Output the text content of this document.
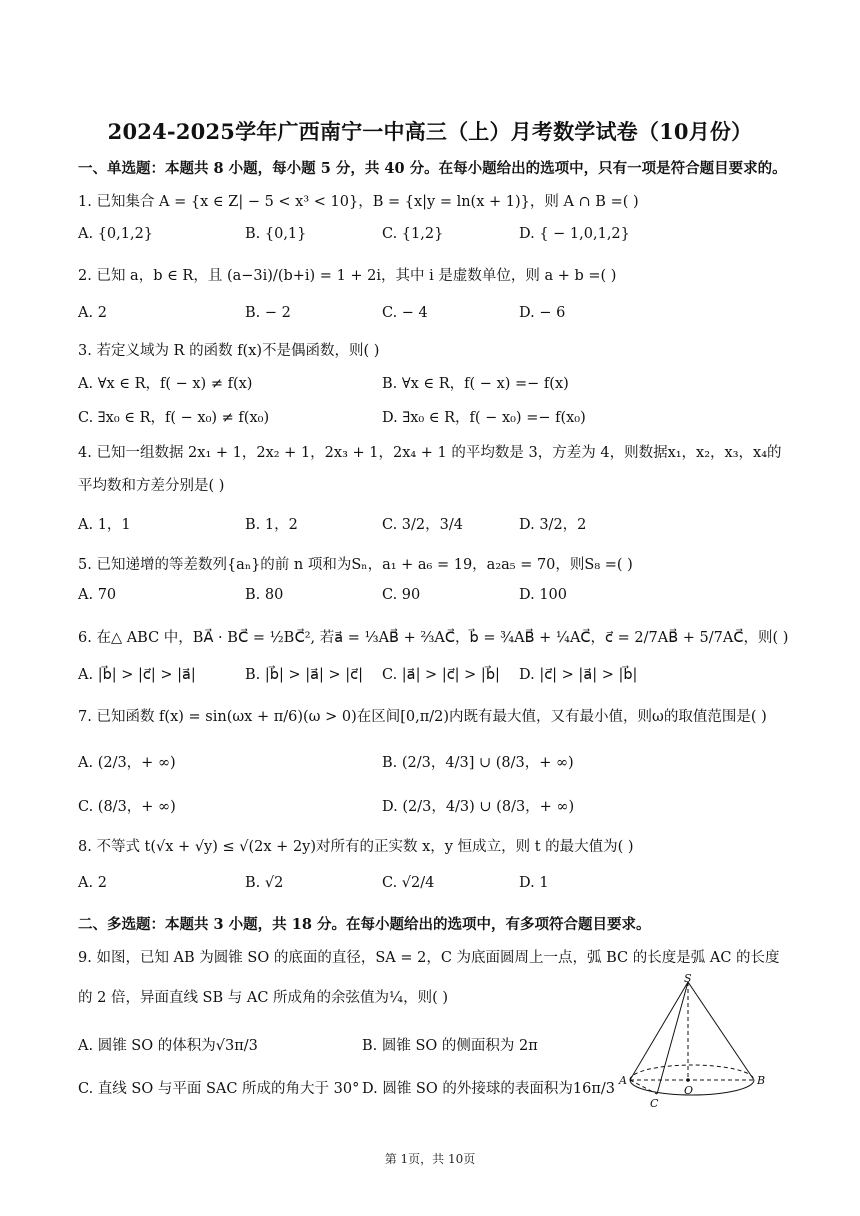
2024-2025学年广西南宁一中高三（上）月考数学试卷（10月份）
一、单选题：本题共 8 小题，每小题 5 分，共 40 分。在每小题给出的选项中，只有一项是符合题目要求的。
1. 已知集合 A = {x ∈ Z| − 5 < x³ < 10}，B = {x|y = ln(x + 1)}，则 A ∩ B =( )
A. {0,1,2}	B. {0,1}	C. {1,2}	D. { − 1,0,1,2}
2. 已知 a，b ∈ R，且 (a−3i)/(b+i) = 1 + 2i，其中 i 是虚数单位，则 a + b =( )
A. 2	B. − 2	C. − 4	D. − 6
3. 若定义域为 R 的函数 f(x)不是偶函数，则( )
A. ∀x ∈ R，f( − x) ≠ f(x)	B. ∀x ∈ R，f( − x) =− f(x)
C. ∃x₀ ∈ R，f( − x₀) ≠ f(x₀)	D. ∃x₀ ∈ R，f( − x₀) =− f(x₀)
4. 已知一组数据 2x₁ + 1，2x₂ + 1，2x₃ + 1，2x₄ + 1 的平均数是 3，方差为 4，则数据x₁，x₂，x₃，x₄的
平均数和方差分别是( )
A. 1，1	B. 1，2	C. 3/2，3/4	D. 3/2，2
5. 已知递增的等差数列{aₙ}的前 n 项和为Sₙ，a₁ + a₆ = 19，a₂a₅ = 70，则S₈ =( )
A. 70	B. 80	C. 90	D. 100
6. 在△ ABC 中，BA⃗ · BC⃗ = ½BC⃗², 若a⃗ = ⅓AB⃗ + ⅔AC⃗，b⃗ = ¾AB⃗ + ¼AC⃗，c⃗ = 2/7AB⃗ + 5/7AC⃗，则( )
A. |b⃗| > |c⃗| > |a⃗|	B. |b⃗| > |a⃗| > |c⃗| C. |a⃗| > |c⃗| > |b⃗| D. |c⃗| > |a⃗| > |b⃗|
7. 已知函数 f(x) = sin(ωx + π/6)(ω > 0)在区间[0,π/2)内既有最大值，又有最小值，则ω的取值范围是( )
A. (2/3，+ ∞)	B. (2/3，4/3] ∪ (8/3，+ ∞)
C. (8/3，+ ∞)	D. (2/3，4/3) ∪ (8/3，+ ∞)
8. 不等式 t(√x + √y) ≤ √(2x + 2y)对所有的正实数 x，y 恒成立，则 t 的最大值为( )
A. 2	B. √2	C. √2/4	D. 1
二、多选题：本题共 3 小题，共 18 分。在每小题给出的选项中，有多项符合题目要求。
9. 如图，已知 AB 为圆锥 SO 的底面的直径，SA = 2，C 为底面圆周上一点，弧 BC 的长度是弧 AC 的长度
的 2 倍，异面直线 SB 与 AC 所成角的余弦值为¼，则( )
A. 圆锥 SO 的体积为√3π/3	B. 圆锥 SO 的侧面积为 2π
C. 直线 SO 与平面 SAC 所成的角大于 30° D. 圆锥 SO 的外接球的表面积为16π/3
S
A	B
O
C
第 1页，共 10页
